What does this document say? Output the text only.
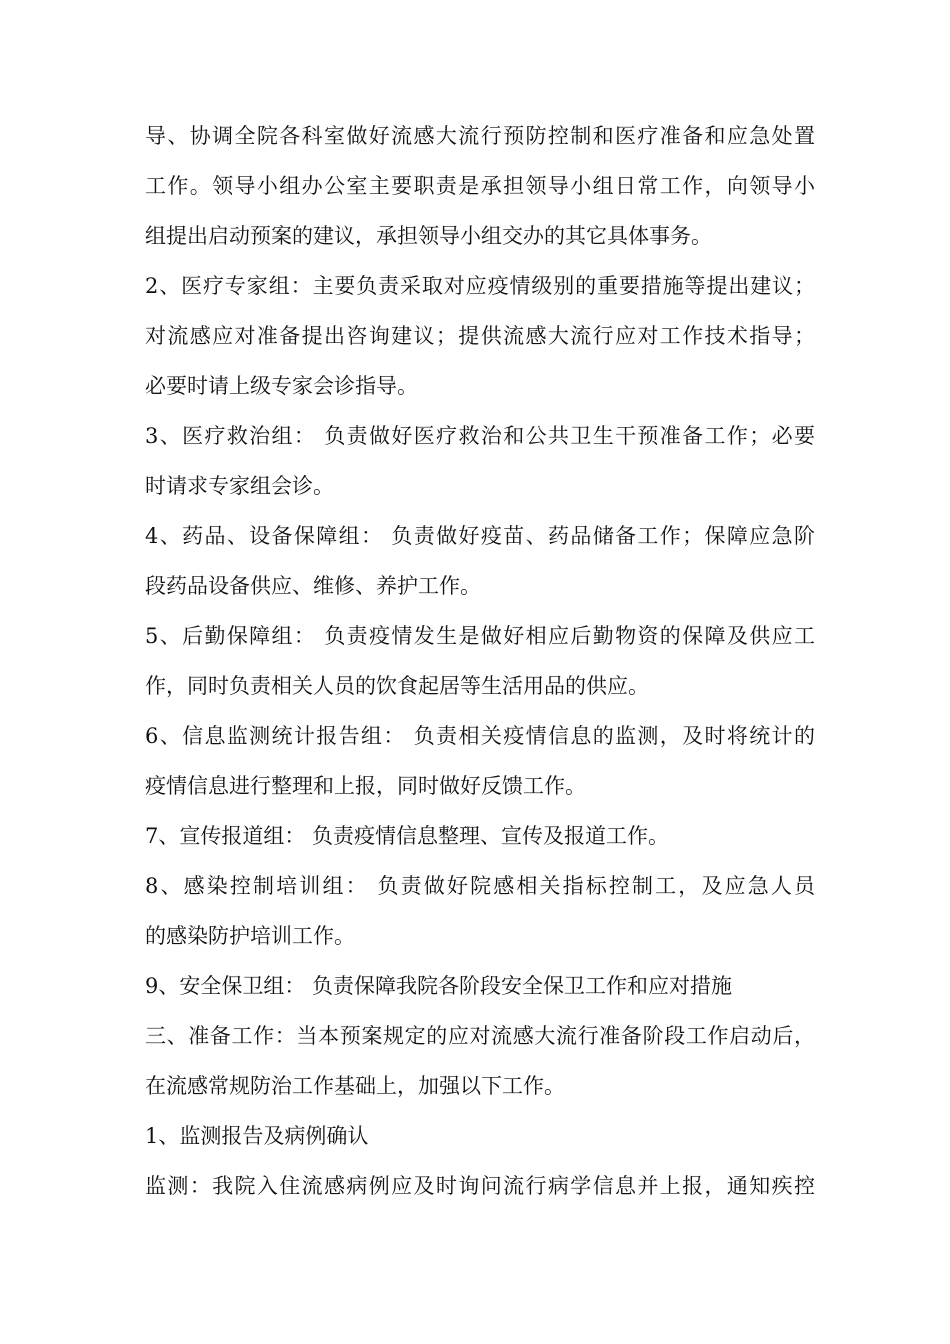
导、协调全院各科室做好流感大流行预防控制和医疗准备和应急处置
工作。领导小组办公室主要职责是承担领导小组日常工作，向领导小
组提出启动预案的建议，承担领导小组交办的其它具体事务。
2、医疗专家组：主要负责采取对应疫情级别的重要措施等提出建议；
对流感应对准备提出咨询建议；提供流感大流行应对工作技术指导；
必要时请上级专家会诊指导。
3、医疗救治组： 负责做好医疗救治和公共卫生干预准备工作；必要
时请求专家组会诊。
4、药品、设备保障组： 负责做好疫苗、药品储备工作；保障应急阶
段药品设备供应、维修、养护工作。
5、后勤保障组： 负责疫情发生是做好相应后勤物资的保障及供应工
作，同时负责相关人员的饮食起居等生活用品的供应。
6、信息监测统计报告组： 负责相关疫情信息的监测，及时将统计的
疫情信息进行整理和上报，同时做好反馈工作。
7、宣传报道组： 负责疫情信息整理、宣传及报道工作。
8、感染控制培训组： 负责做好院感相关指标控制工，及应急人员
的感染防护培训工作。
9、安全保卫组： 负责保障我院各阶段安全保卫工作和应对措施
三、准备工作：当本预案规定的应对流感大流行准备阶段工作启动后，
在流感常规防治工作基础上，加强以下工作。
1、监测报告及病例确认
监测：我院入住流感病例应及时询问流行病学信息并上报，通知疾控
